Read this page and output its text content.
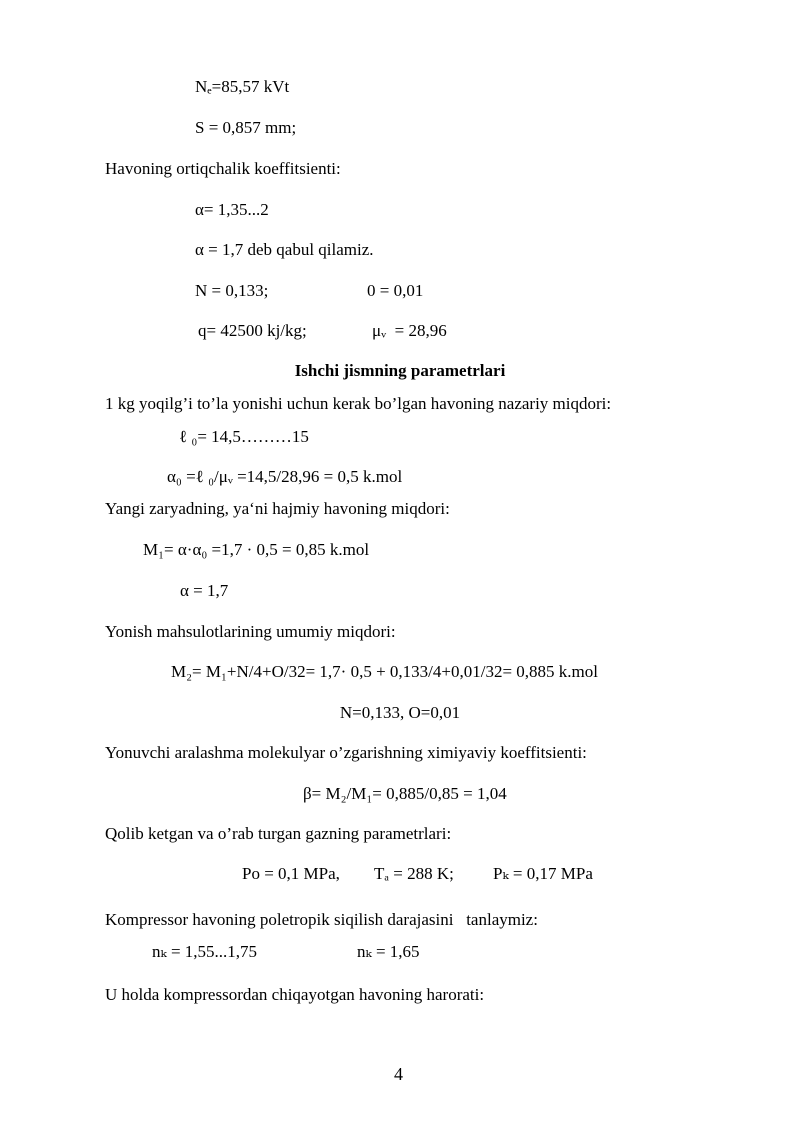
Nₑ=85,57 kVt
S = 0,857 mm;
Havoning ortiqchalik koeffitsienti:
α= 1,35...2
α = 1,7 deb qabul qilamiz.
N = 0,133;	0 = 0,01
q= 42500 kj/kg;	μᵥ  = 28,96
Ishchi jismning parametrlari
1 kg yoqilg’i to’la yonishi uchun kerak bo’lgan havoning nazariy miqdori:
ℓ ₀= 14,5………15
α₀ =ℓ ₀/μᵥ =14,5/28,96 = 0,5 k.mol
Yangi zaryadning, ya‘ni hajmiy havoning miqdori:
M₁= α·α₀ =1,7 · 0,5 = 0,85 k.mol
α = 1,7
Yonish mahsulotlarining umumiy miqdori:
M₂= M₁+N/4+O/32= 1,7· 0,5 + 0,133/4+0,01/32= 0,885 k.mol
N=0,133, O=0,01
Yonuvchi aralashma molekulyar o’zgarishning ximiyaviy koeffitsienti:
β= M₂/M₁= 0,885/0,85 = 1,04
Qolib ketgan va o’rab turgan gazning parametrlari:
Pᴏ = 0,1 MPa, Tₐ = 288 K; Pₖ = 0,17 MPa
Kompressor havoning poletropik siqilish darajasini   tanlaymiz:
nₖ = 1,55...1,75	nₖ = 1,65
U holda kompressordan chiqayotgan havoning harorati:
4
